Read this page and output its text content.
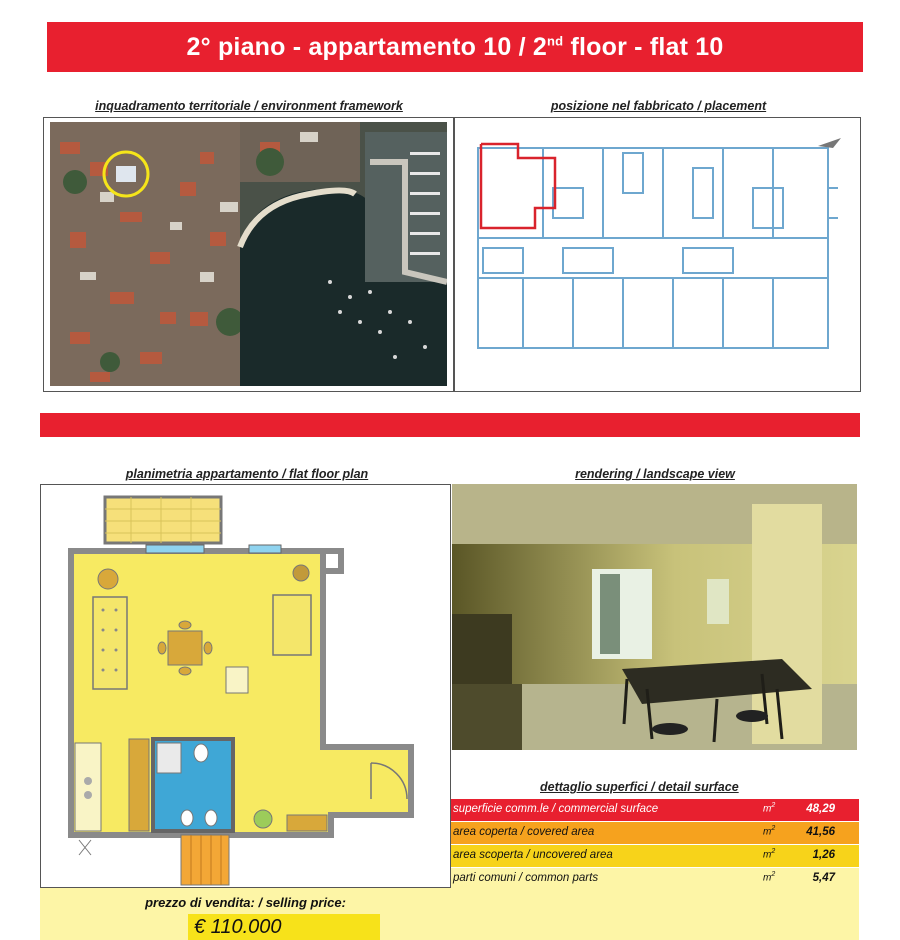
2° piano - appartamento 10 / 2nd floor - flat 10
inquadramento territoriale / environment framework	posizione nel fabbricato / placement
planimetria appartamento / flat floor plan	rendering / landscape view
dettaglio superfici / detail surface
superficie comm.le / commercial surface	$m^2$	48,29
area coperta / covered area	$m^2$	41,56
area scoperta / uncovered area	$m^2$	1,26
parti comuni / common parts	$m^2$	5,47
prezzo di vendita: / selling price:
€ 110.000
